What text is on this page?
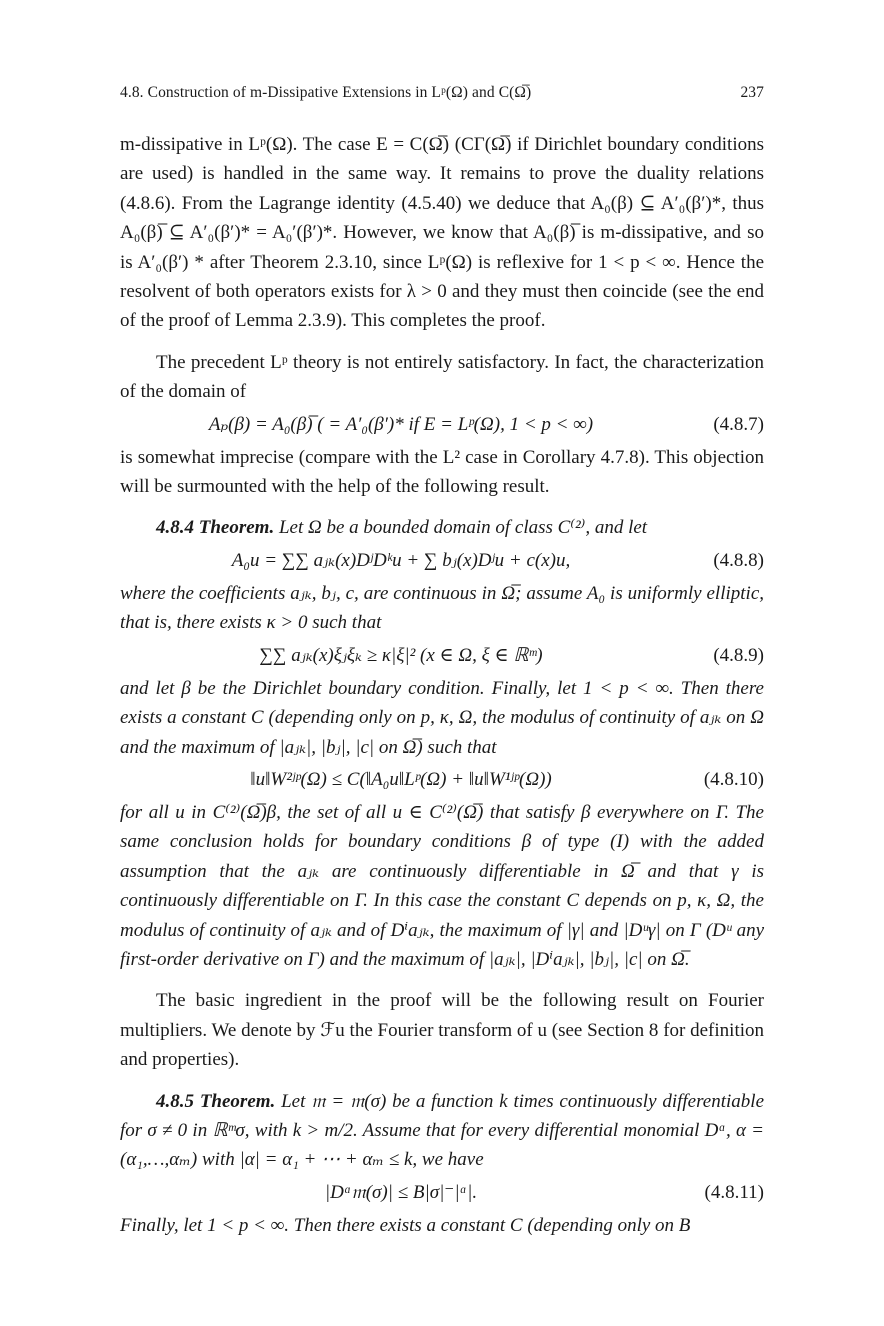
4.8. Construction of m-Dissipative Extensions in Lᵖ(Ω) and C(Ω̅)	237

m-dissipative in Lᵖ(Ω). The case E = C(Ω̅) (CΓ(Ω̅) if Dirichlet boundary conditions are used) is handled in the same way. It remains to prove the duality relations (4.8.6). From the Lagrange identity (4.5.40) we deduce that A₀(β) ⊆ A′₀(β′)*, thus A₀(β)̅ ⊆ A′₀(β′)* = A₀′(β′)*. However, we know that A₀(β)̅ is m-dissipative, and so is A′₀(β′) * after Theorem 2.3.10, since Lᵖ(Ω) is reflexive for 1 < p < ∞. Hence the resolvent of both operators exists for λ > 0 and they must then coincide (see the end of the proof of Lemma 2.3.9). This completes the proof.

The precedent Lᵖ theory is not entirely satisfactory. In fact, the characterization of the domain of

Aₚ(β) = A₀(β)̅ ( = A′₀(β′)* if E = Lᵖ(Ω), 1 < p < ∞)	(4.8.7)

is somewhat imprecise (compare with the L² case in Corollary 4.7.8). This objection will be surmounted with the help of the following result.

4.8.4 Theorem. Let Ω be a bounded domain of class C⁽²⁾, and let

A₀u = ∑∑ aⱼₖ(x)DʲDᵏu + ∑ bⱼ(x)Dʲu + c(x)u,	(4.8.8)

where the coefficients aⱼₖ, bⱼ, c, are continuous in Ω̅; assume A₀ is uniformly elliptic, that is, there exists κ > 0 such that

∑∑ aⱼₖ(x)ξⱼξₖ ≥ κ|ξ|² (x ∈ Ω, ξ ∈ ℝᵐ)	(4.8.9)

and let β be the Dirichlet boundary condition. Finally, let 1 < p < ∞. Then there exists a constant C (depending only on p, κ, Ω, the modulus of continuity of aⱼₖ on Ω and the maximum of |aⱼₖ|, |bⱼ|, |c| on Ω̅) such that

‖u‖W²ʲᵖ(Ω) ≤ C(‖A₀u‖Lᵖ(Ω) + ‖u‖W¹ʲᵖ(Ω))	(4.8.10)

for all u in C⁽²⁾(Ω̅)β, the set of all u ∈ C⁽²⁾(Ω̅) that satisfy β everywhere on Γ. The same conclusion holds for boundary conditions β of type (I) with the added assumption that the aⱼₖ are continuously differentiable in Ω̅ and that γ is continuously differentiable on Γ. In this case the constant C depends on p, κ, Ω, the modulus of continuity of aⱼₖ and of Dⁱaⱼₖ, the maximum of |γ| and |Dᵘγ| on Γ (Dᵘ any first-order derivative on Γ) and the maximum of |aⱼₖ|, |Dⁱaⱼₖ|, |bⱼ|, |c| on Ω̅.

The basic ingredient in the proof will be the following result on Fourier multipliers. We denote by ℱu the Fourier transform of u (see Section 8 for definition and properties).

4.8.5 Theorem. Let 𝔪 = 𝔪(σ) be a function k times continuously differentiable for σ ≠ 0 in ℝᵐσ, with k > m/2. Assume that for every differential monomial Dᵅ, α = (α₁,…,αₘ) with |α| = α₁ + ⋯ + αₘ ≤ k, we have

|Dᵅ𝔪(σ)| ≤ B|σ|⁻|ᵅ|.	(4.8.11)

Finally, let 1 < p < ∞. Then there exists a constant C (depending only on B
